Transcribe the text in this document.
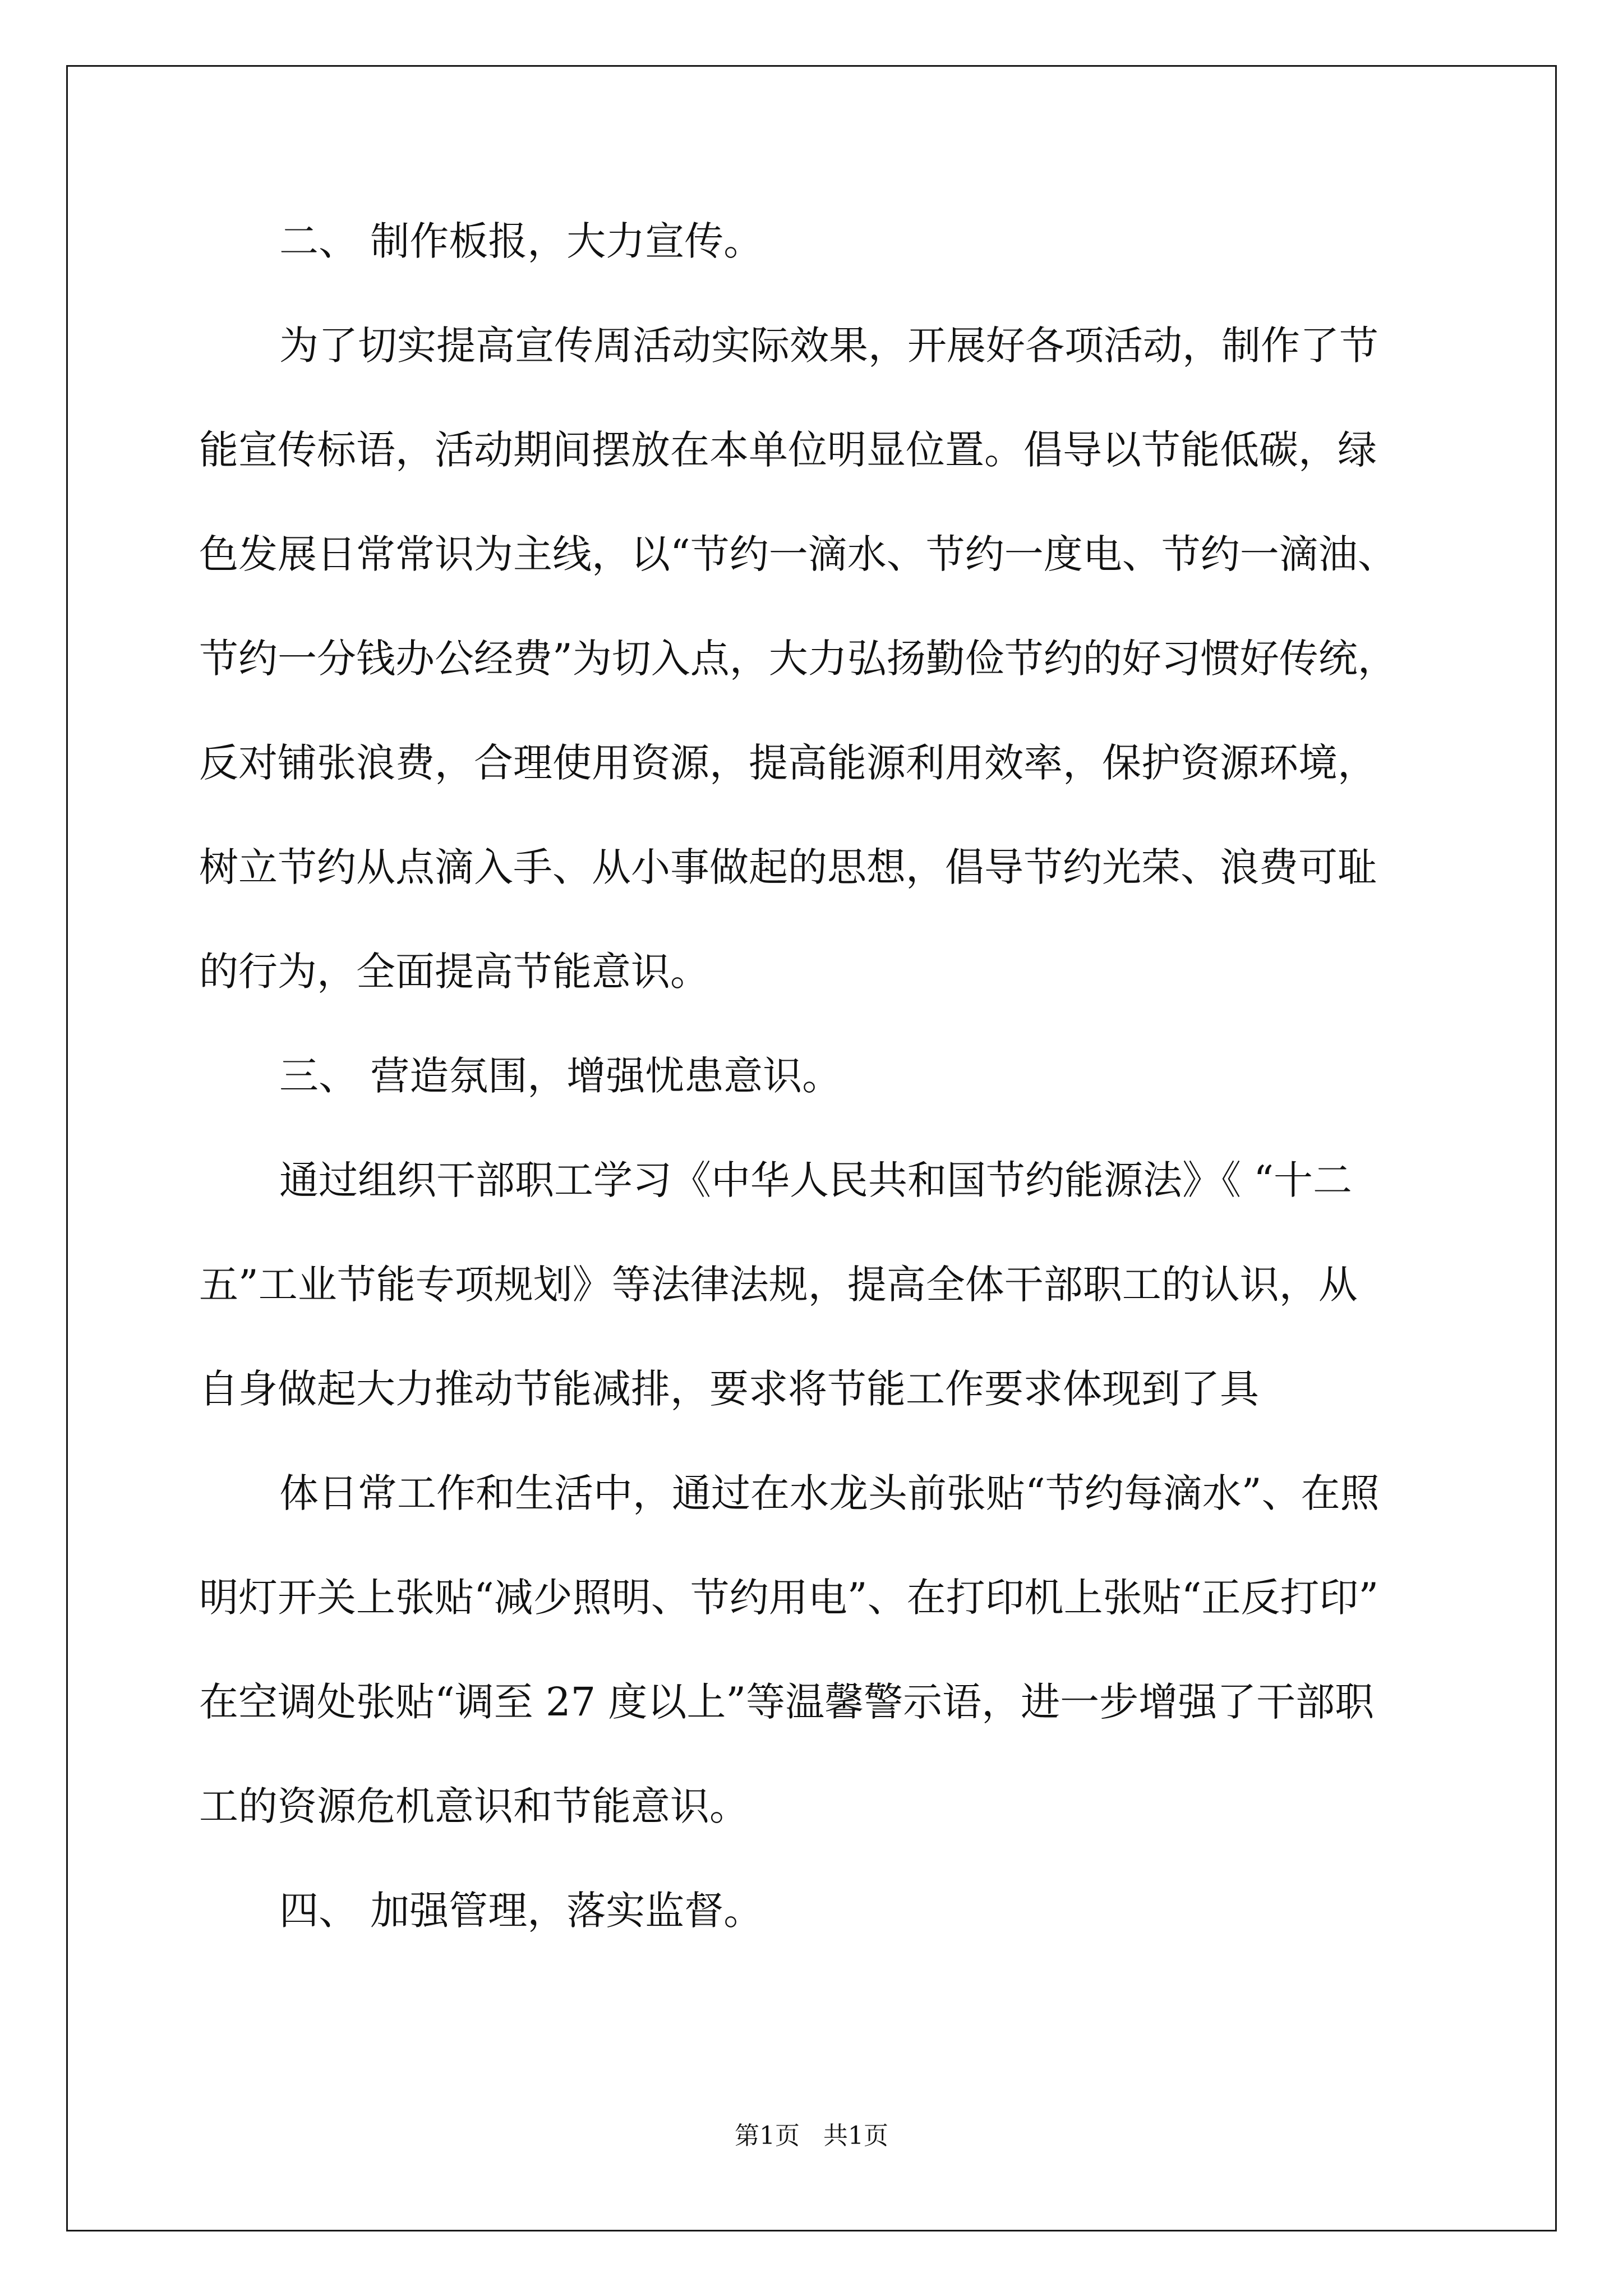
二、 制作板报，大力宣传。
为了切实提高宣传周活动实际效果，开展好各项活动，制作了节
能宣传标语，活动期间摆放在本单位明显位置。倡导以节能低碳，绿
色发展日常常识为主线，以“节约一滴水、节约一度电、节约一滴油、
节约一分钱办公经费”为切入点，大力弘扬勤俭节约的好习惯好传统，
反对铺张浪费，合理使用资源，提高能源利用效率，保护资源环境，
树立节约从点滴入手、从小事做起的思想，倡导节约光荣、浪费可耻
的行为，全面提高节能意识。
三、 营造氛围，增强忧患意识。
通过组织干部职工学习《中华人民共和国节约能源法》《 “十二
五”工业节能专项规划》等法律法规，提高全体干部职工的认识，从
自身做起大力推动节能减排，要求将节能工作要求体现到了具
体日常工作和生活中，通过在水龙头前张贴“节约每滴水”、在照
明灯开关上张贴“减少照明、节约用电”、在打印机上张贴“正反打印”
在空调处张贴“调至 27 度以上”等温馨警示语，进一步增强了干部职
工的资源危机意识和节能意识。
四、 加强管理，落实监督。
第1页   共1页
